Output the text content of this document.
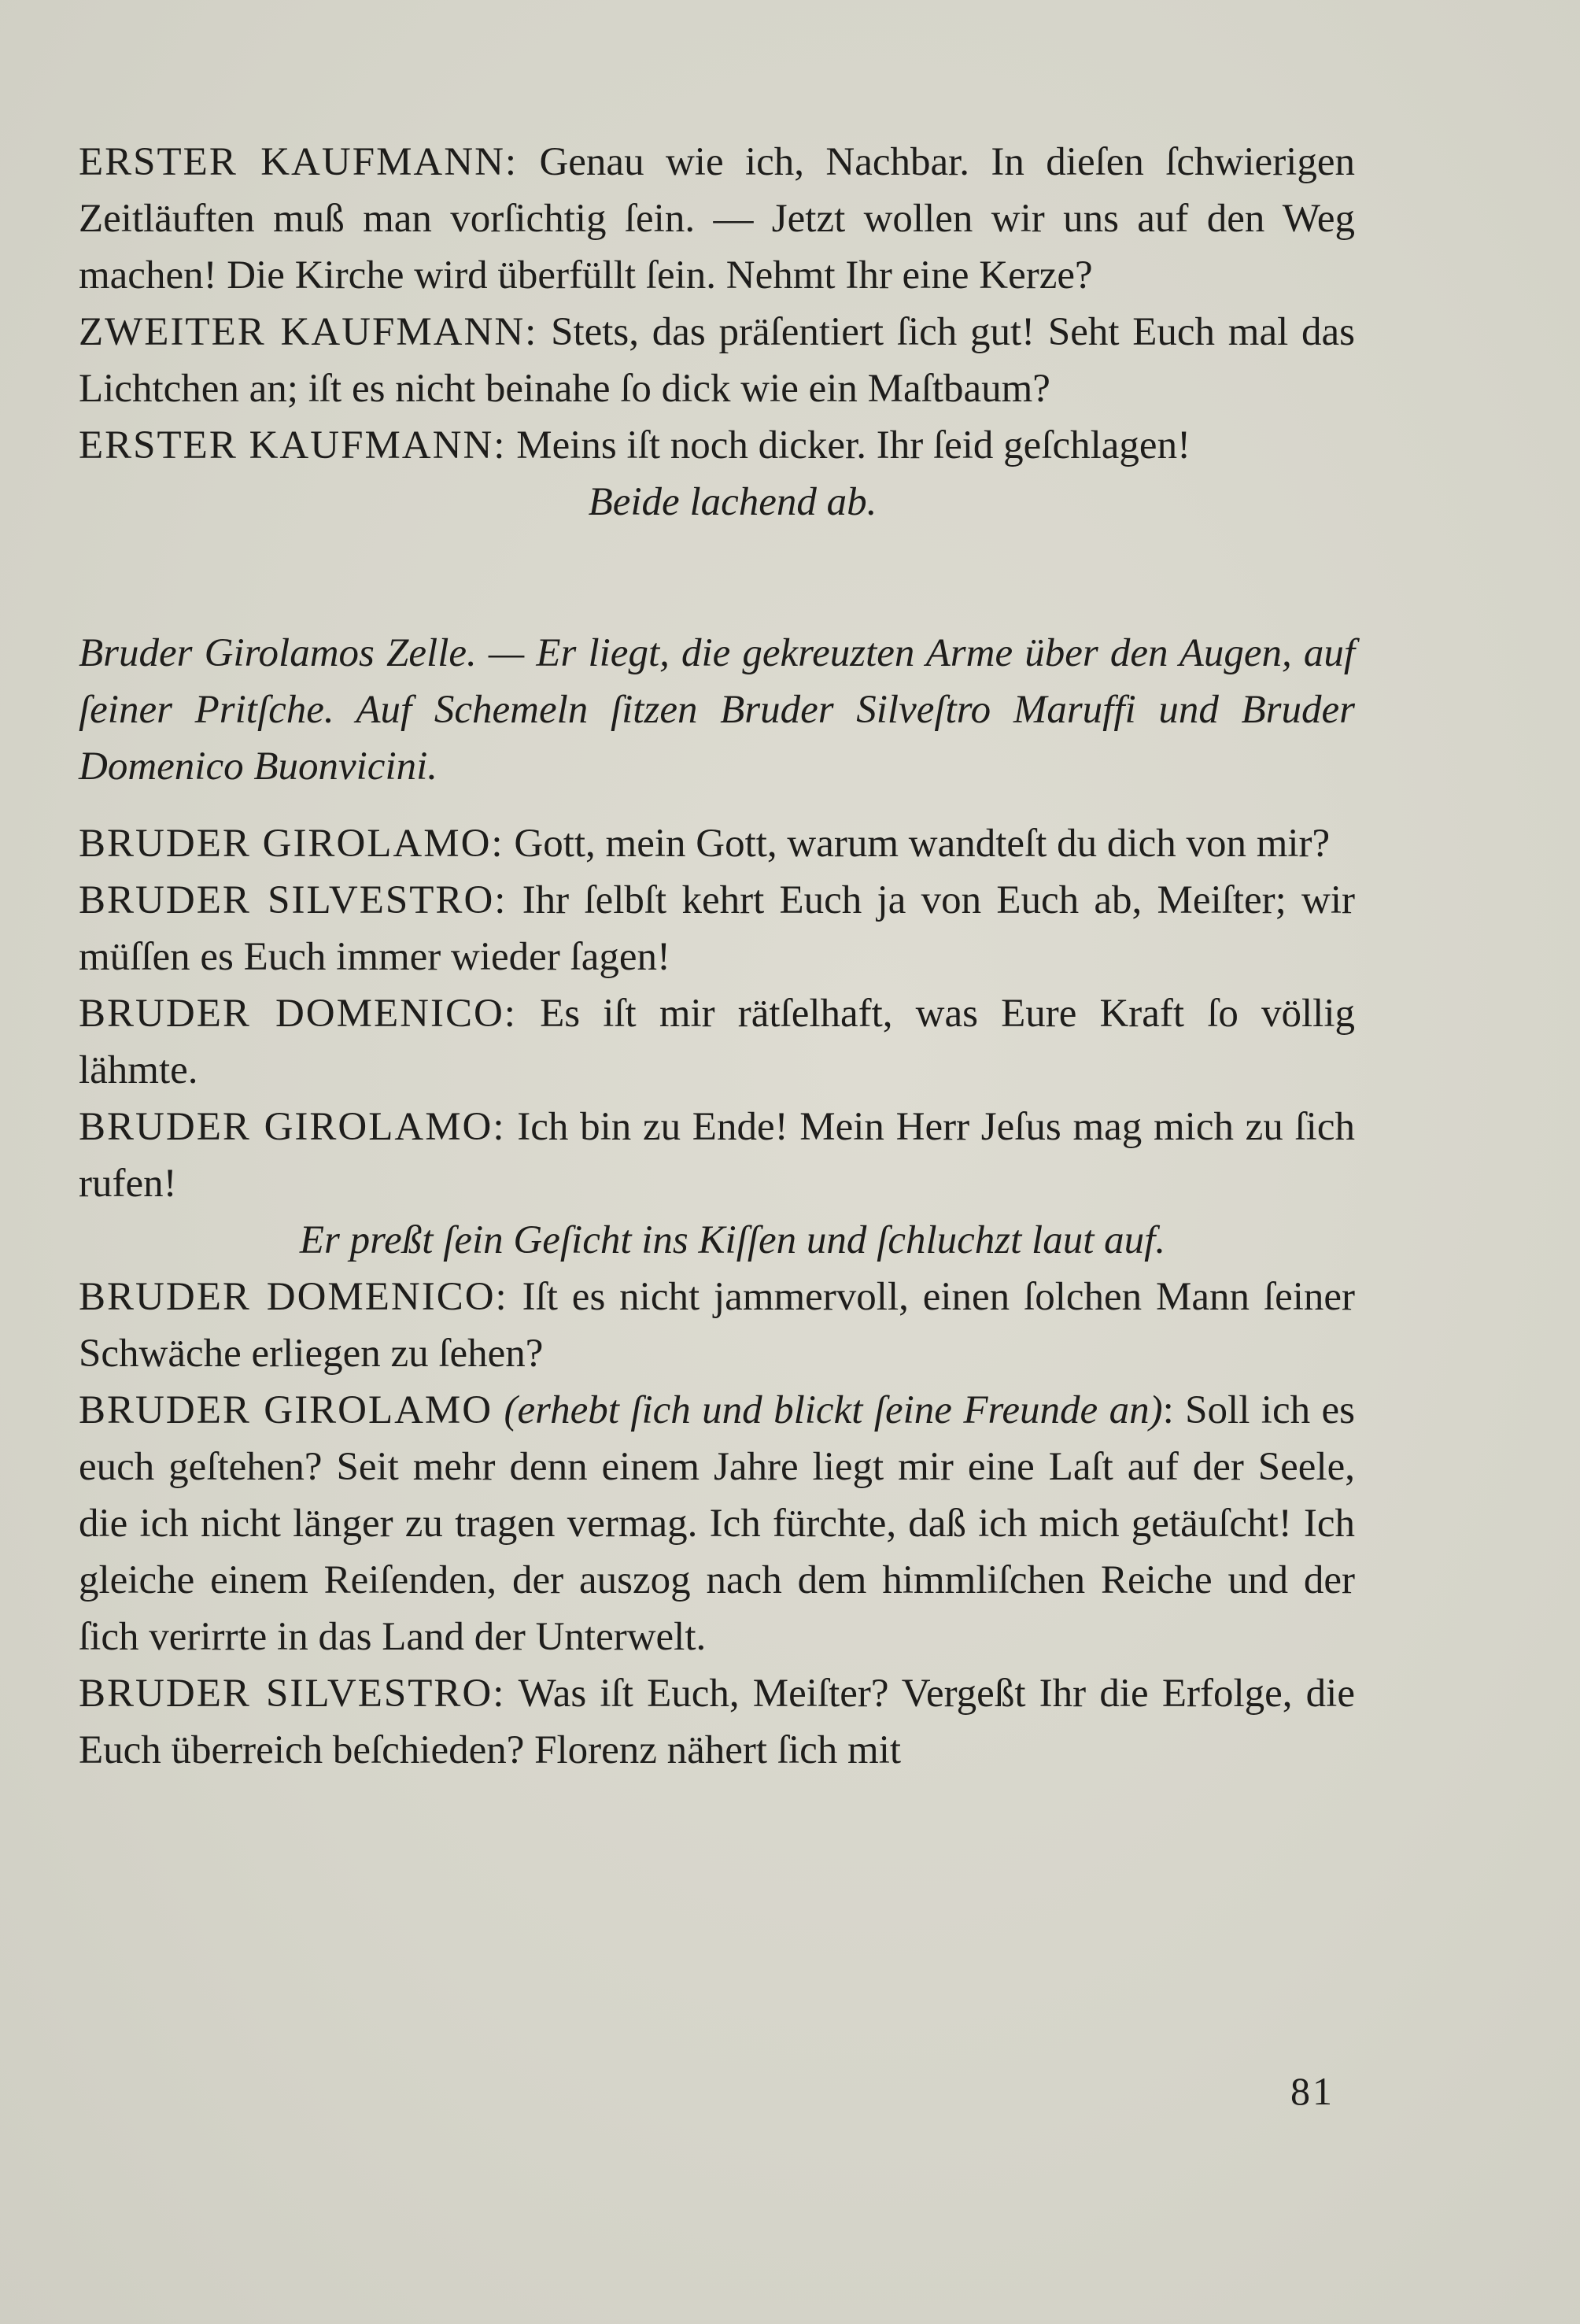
ERSTER KAUFMANN: Genau wie ich, Nachbar. In dieſen ſchwierigen Zeitläuften muß man vorſichtig ſein. — Jetzt wollen wir uns auf den Weg machen! Die Kirche wird überfüllt ſein. Nehmt Ihr eine Kerze?

ZWEITER KAUFMANN: Stets, das präſentiert ſich gut! Seht Euch mal das Lichtchen an; iſt es nicht beinahe ſo dick wie ein Maſtbaum?

ERSTER KAUFMANN: Meins iſt noch dicker. Ihr ſeid geſchlagen!

Beide lachend ab.

Bruder Girolamos Zelle. — Er liegt, die gekreuzten Arme über den Augen, auf ſeiner Pritſche. Auf Schemeln ſitzen Bruder Silveſtro Maruffi und Bruder Domenico Buonvicini.

BRUDER GIROLAMO: Gott, mein Gott, warum wandteſt du dich von mir?

BRUDER SILVESTRO: Ihr ſelbſt kehrt Euch ja von Euch ab, Meiſter; wir müſſen es Euch immer wieder ſagen!

BRUDER DOMENICO: Es iſt mir rätſelhaft, was Eure Kraft ſo völlig lähmte.

BRUDER GIROLAMO: Ich bin zu Ende! Mein Herr Jeſus mag mich zu ſich rufen!

Er preßt ſein Geſicht ins Kiſſen und ſchluchzt laut auf.

BRUDER DOMENICO: Iſt es nicht jammervoll, einen ſolchen Mann ſeiner Schwäche erliegen zu ſehen?

BRUDER GIROLAMO (erhebt ſich und blickt ſeine Freunde an): Soll ich es euch geſtehen? Seit mehr denn einem Jahre liegt mir eine Laſt auf der Seele, die ich nicht länger zu tragen vermag. Ich fürchte, daß ich mich getäuſcht! Ich gleiche einem Reiſenden, der auszog nach dem himmliſchen Reiche und der ſich verirrte in das Land der Unterwelt.

BRUDER SILVESTRO: Was iſt Euch, Meiſter? Vergeßt Ihr die Erfolge, die Euch überreich beſchieden? Florenz nähert ſich mit

81
